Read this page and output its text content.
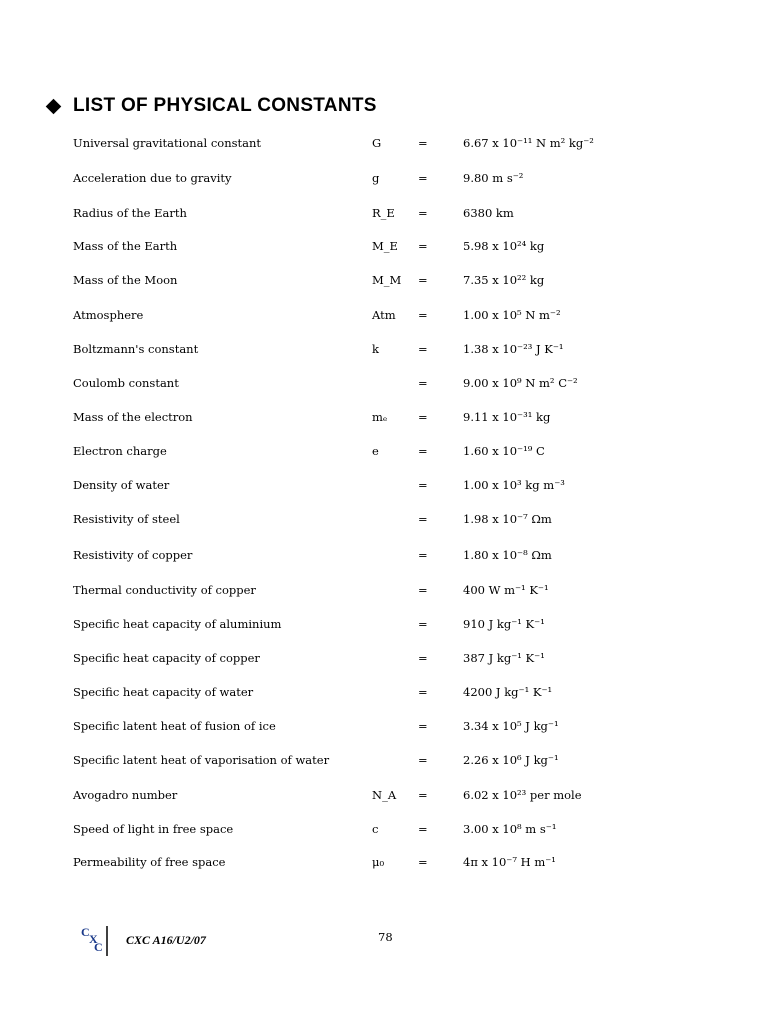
LIST OF PHYSICAL CONSTANTS
Universal gravitational constant	G	=	6.67 x 10⁻¹¹ N m² kg⁻²
Acceleration due to gravity	g	=	9.80 m s⁻²
Radius of the Earth	R_E =	6380 km
Mass of the Earth	M_E =	5.98 x 10²⁴ kg
Mass of the Moon	M_M =	7.35 x 10²² kg
Atmosphere	Atm =	1.00 x 10⁵ N m⁻²
Boltzmann's constant	k	=	1.38 x 10⁻²³ J K⁻¹
Coulomb constant	=	9.00 x 10⁹ N m² C⁻²
Mass of the electron	mₑ	=	9.11 x 10⁻³¹ kg
Electron charge	e	=	1.60 x 10⁻¹⁹ C
Density of water	=	1.00 x 10³ kg m⁻³
Resistivity of steel	=	1.98 x 10⁻⁷ Ωm
Resistivity of copper	=	1.80 x 10⁻⁸ Ωm
Thermal conductivity of copper	=	400 W m⁻¹ K⁻¹
Specific heat capacity of aluminium	=	910 J kg⁻¹ K⁻¹
Specific heat capacity of copper	=	387 J kg⁻¹ K⁻¹
Specific heat capacity of water	=	4200 J kg⁻¹ K⁻¹
Specific latent heat of fusion of ice	=	3.34 x 10⁵ J kg⁻¹
Specific latent heat of vaporisation of water	=	2.26 x 10⁶ J kg⁻¹
Avogadro number	N_A =	6.02 x 10²³ per mole
Speed of light in free space	c	=	3.00 x 10⁸ m s⁻¹
Permeability of free space	μ₀	=	4π x 10⁻⁷ H m⁻¹
C X
C CXC A16/U2/07	78
